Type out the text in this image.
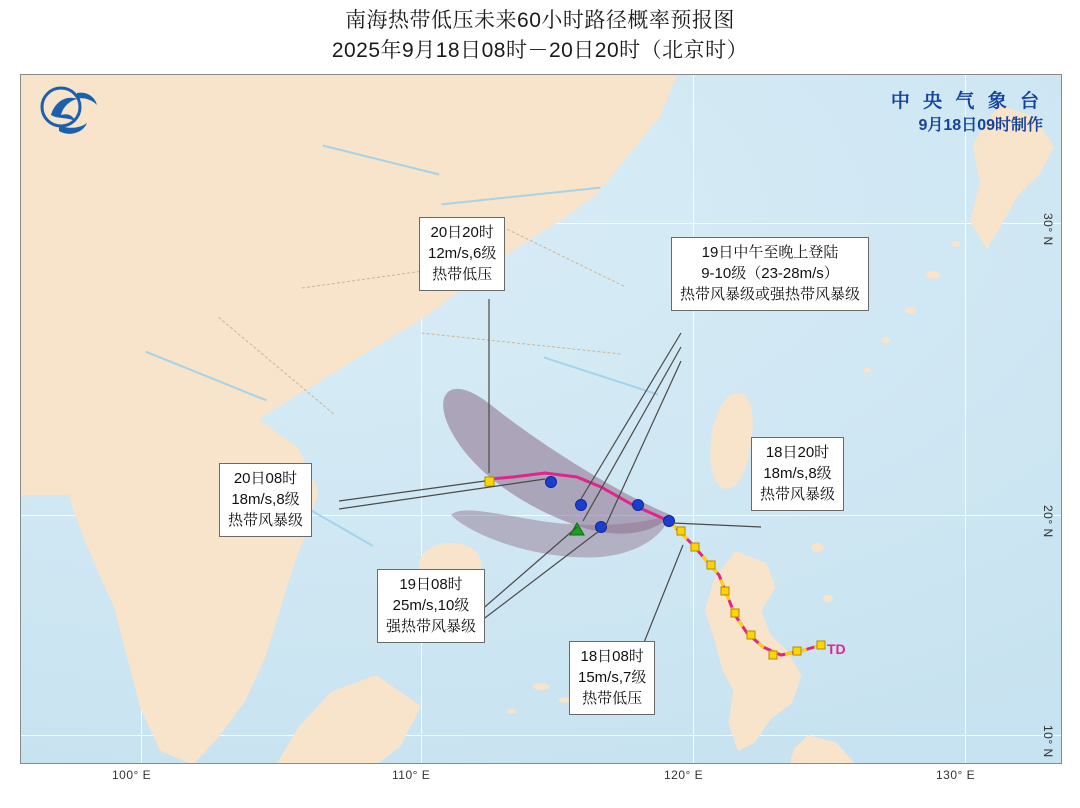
南海热带低压未来60小时路径概率预报图
2025年9月18日08时－20日20时（北京时）
TD
20日20时
12m/s,6级
热带低压
19日中午至晚上登陆
9-10级（23-28m/s）
热带风暴级或强热带风暴级
20日08时
18m/s,8级
热带风暴级
18日20时
18m/s,8级
热带风暴级
19日08时
25m/s,10级
强热带风暴级
18日08时
15m/s,7级
热带低压
中 央 气 象 台
9月18日09时制作
30° N
20° N
10° N
100° E	110° E	120° E	130° E
